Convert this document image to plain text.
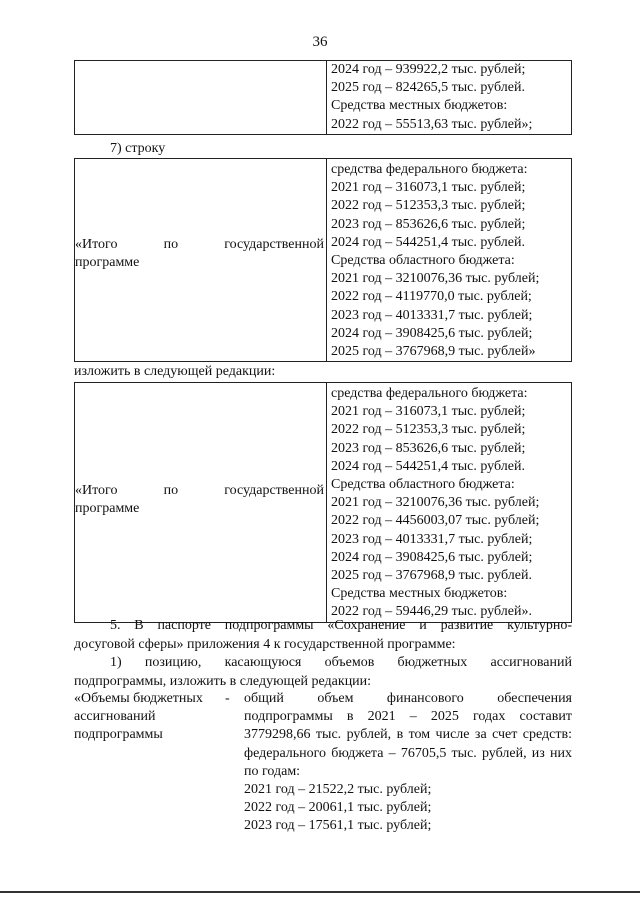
36

2024 год – 939922,2 тыс. рублей;
2025 год – 824265,5 тыс. рублей.
Средства местных бюджетов:
2022 год – 55513,63 тыс. рублей»;
7) строку
«Итого по государственной
программе

средства федерального бюджета:
2021 год – 316073,1 тыс. рублей;
2022 год – 512353,3 тыс. рублей;
2023 год – 853626,6 тыс. рублей;
2024 год – 544251,4 тыс. рублей.
Средства областного бюджета:
2021 год – 3210076,36 тыс. рублей;
2022 год – 4119770,0 тыс. рублей;
2023 год – 4013331,7 тыс. рублей;
2024 год – 3908425,6 тыс. рублей;
2025 год – 3767968,9 тыс. рублей»
изложить в следующей редакции:
«Итого по государственной
программе

средства федерального бюджета:
2021 год – 316073,1 тыс. рублей;
2022 год – 512353,3 тыс. рублей;
2023 год – 853626,6 тыс. рублей;
2024 год – 544251,4 тыс. рублей.
Средства областного бюджета:
2021 год – 3210076,36 тыс. рублей;
2022 год – 4456003,07 тыс. рублей;
2023 год – 4013331,7 тыс. рублей;
2024 год – 3908425,6 тыс. рублей;
2025 год – 3767968,9 тыс. рублей.
Средства местных бюджетов:
2022 год – 59446,29 тыс. рублей».
5. В паспорте подпрограммы «Сохранение и развитие культурно-
досуговой сферы» приложения 4 к государственной программе:
1) позицию, касающуюся объемов бюджетных ассигнований
подпрограммы, изложить в следующей редакции:
«Объемы бюджетных
ассигнований
подпрограммы
- общий объем финансового обеспечения
подпрограммы в 2021 – 2025 годах составит
3779298,66 тыс. рублей, в том числе за счет средств:
федерального бюджета – 76705,5 тыс. рублей, из них
по годам:
2021 год – 21522,2 тыс. рублей;
2022 год – 20061,1 тыс. рублей;
2023 год – 17561,1 тыс. рублей;
